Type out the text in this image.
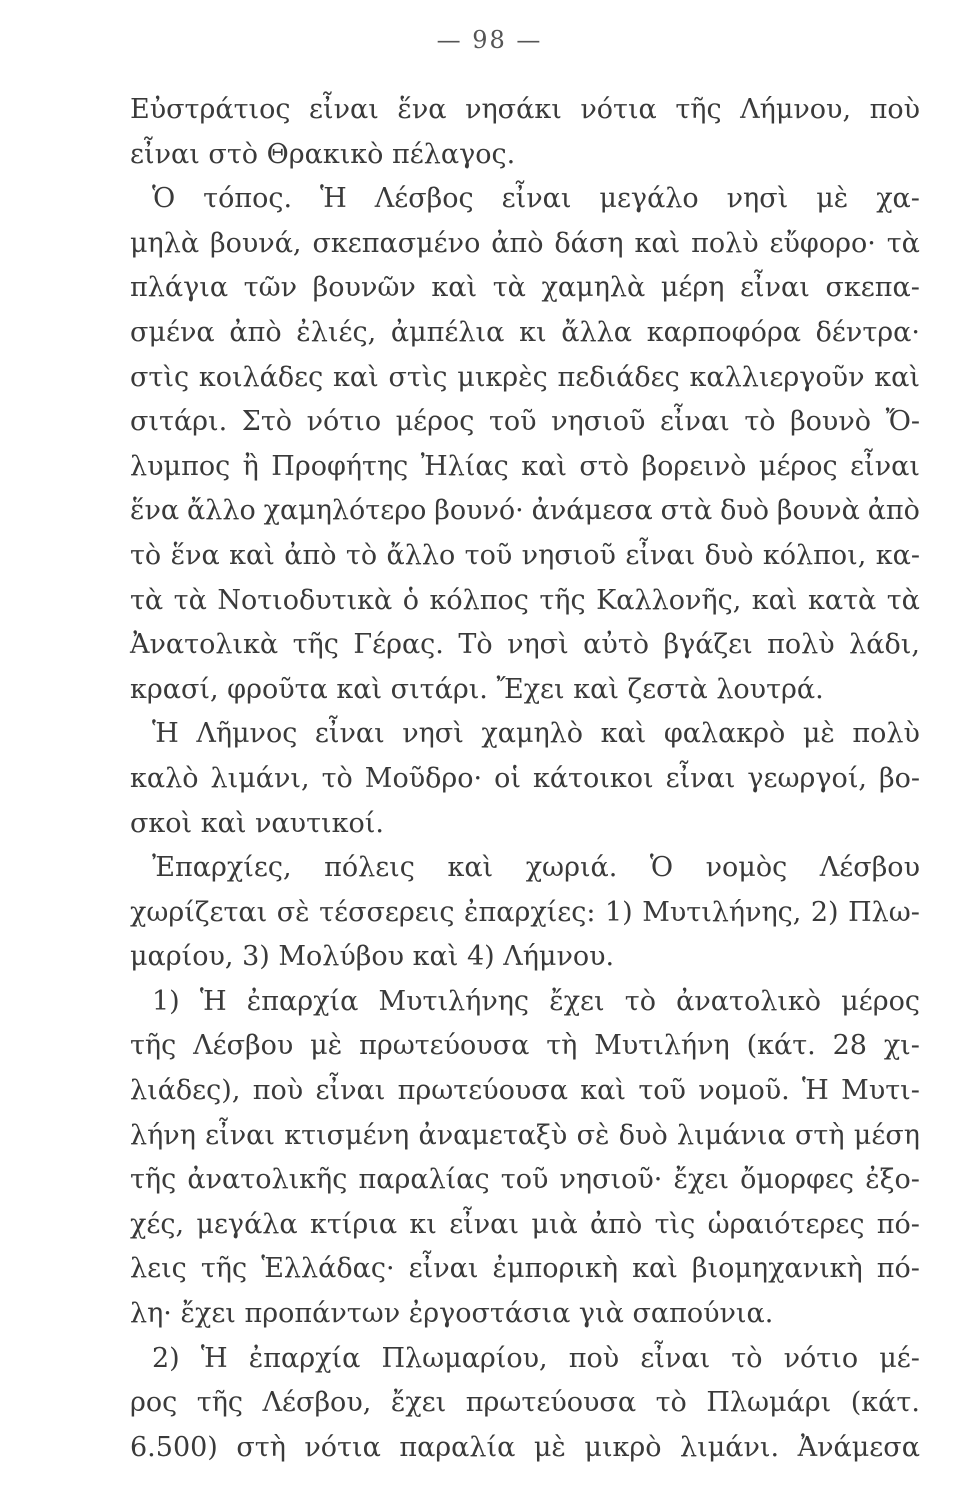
— 98 —
Εὐστράτιος εἶναι ἕνα νησάκι νότια τῆς Λήμνου, ποὺ
εἶναι στὸ Θρακικὸ πέλαγος.
Ὁ τόπος. Ἡ Λέσβος εἶναι μεγάλο νησὶ μὲ χα-
μηλὰ βουνά, σκεπασμένο ἀπὸ δάση καὶ πολὺ εὔφορο· τὰ
πλάγια τῶν βουνῶν καὶ τὰ χαμηλὰ μέρη εἶναι σκεπα-
σμένα ἀπὸ ἐλιές, ἀμπέλια κι ἄλλα καρποφόρα δέντρα·
στὶς κοιλάδες καὶ στὶς μικρὲς πεδιάδες καλλιεργοῦν καὶ
σιτάρι. Στὸ νότιο μέρος τοῦ νησιοῦ εἶναι τὸ βουνὸ Ὄ-
λυμπος ἢ Προφήτης Ἠλίας καὶ στὸ βορεινὸ μέρος εἶναι
ἕνα ἄλλο χαμηλότερο βουνό· ἀνάμεσα στὰ δυὸ βουνὰ ἀπὸ
τὸ ἕνα καὶ ἀπὸ τὸ ἄλλο τοῦ νησιοῦ εἶναι δυὸ κόλποι, κα-
τὰ τὰ Νοτιοδυτικὰ ὁ κόλπος τῆς Καλλονῆς, καὶ κατὰ τὰ
Ἀνατολικὰ τῆς Γέρας. Τὸ νησὶ αὐτὸ βγάζει πολὺ λάδι,
κρασί, φροῦτα καὶ σιτάρι. Ἔχει καὶ ζεστὰ λουτρά.
Ἡ Λῆμνος εἶναι νησὶ χαμηλὸ καὶ φαλακρὸ μὲ πολὺ
καλὸ λιμάνι, τὸ Μοῦδρο· οἱ κάτοικοι εἶναι γεωργοί, βο-
σκοὶ καὶ ναυτικοί.
Ἐπαρχίες, πόλεις καὶ χωριά. Ὁ νομὸς Λέσβου
χωρίζεται σὲ τέσσερεις ἐπαρχίες: 1) Μυτιλήνης, 2) Πλω-
μαρίου, 3) Μολύβου καὶ 4) Λήμνου.
1) Ἡ ἐπαρχία Μυτιλήνης ἔχει τὸ ἀνατολικὸ μέρος
τῆς Λέσβου μὲ πρωτεύουσα τὴ Μυτιλήνη (κάτ. 28 χι-
λιάδες), ποὺ εἶναι πρωτεύουσα καὶ τοῦ νομοῦ. Ἡ Μυτι-
λήνη εἶναι κτισμένη ἀναμεταξὺ σὲ δυὸ λιμάνια στὴ μέση
τῆς ἀνατολικῆς παραλίας τοῦ νησιοῦ· ἔχει ὄμορφες ἐξο-
χές, μεγάλα κτίρια κι εἶναι μιὰ ἀπὸ τὶς ὡραιότερες πό-
λεις τῆς Ἑλλάδας· εἶναι ἐμπορικὴ καὶ βιομηχανικὴ πό-
λη· ἔχει προπάντων ἐργοστάσια γιὰ σαπούνια.
2) Ἡ ἐπαρχία Πλωμαρίου, ποὺ εἶναι τὸ νότιο μέ-
ρος τῆς Λέσβου, ἔχει πρωτεύουσα τὸ Πλωμάρι (κάτ.
6.500) στὴ νότια παραλία μὲ μικρὸ λιμάνι. Ἀνάμεσα
